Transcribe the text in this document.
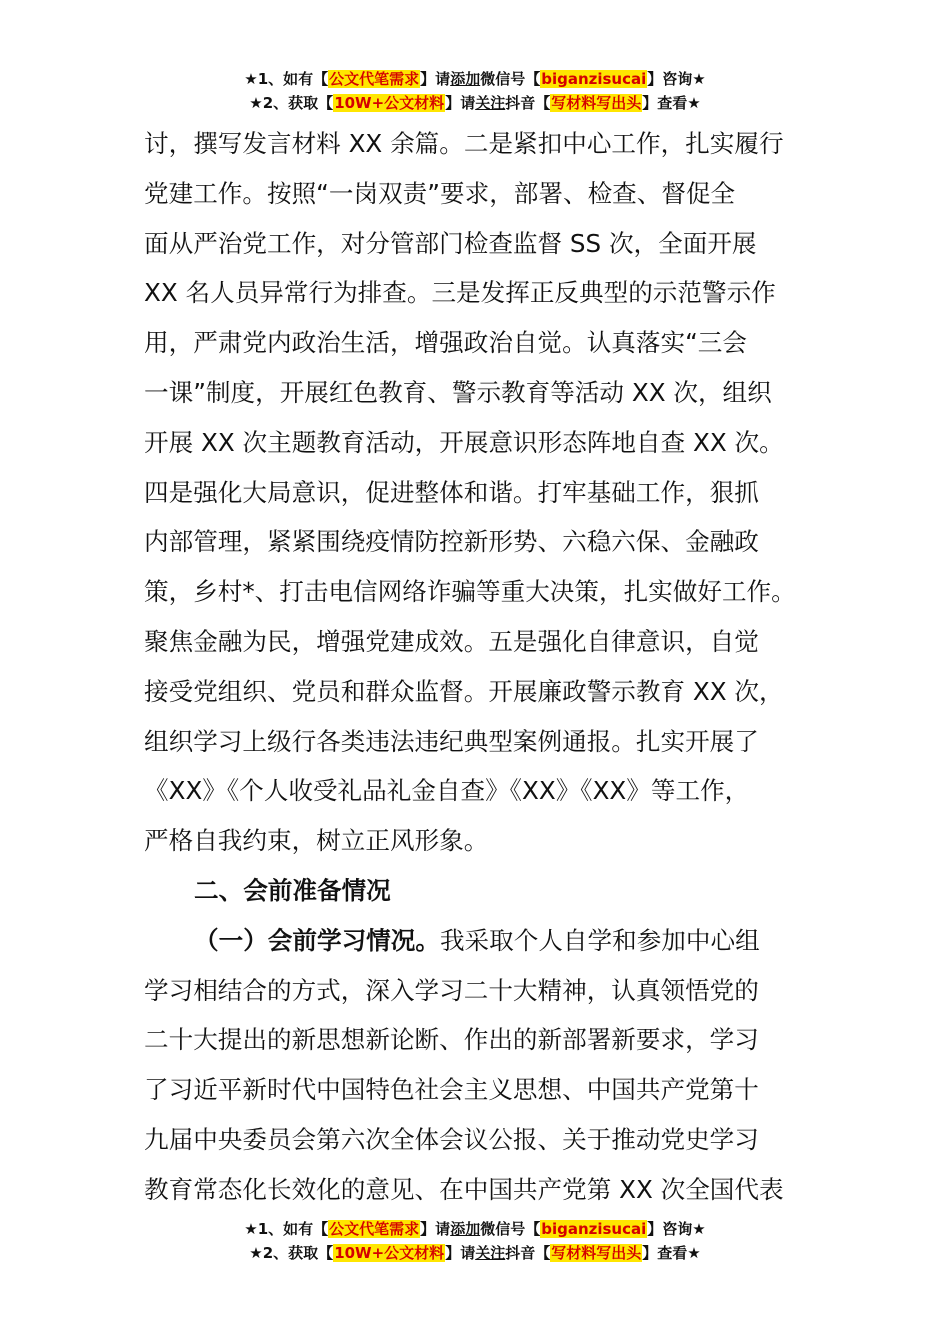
★1、如有【公文代笔需求】请添加微信号【biganzisucai】咨询★
★2、获取【10W+公文材料】请关注抖音【写材料写出头】查看★
讨，撰写发言材料 XX 余篇。二是紧扣中心工作，扎实履行
党建工作。按照“一岗双责”要求，部署、检查、督促全
面从严治党工作，对分管部门检查监督 SS 次，全面开展
XX 名人员异常行为排查。三是发挥正反典型的示范警示作
用，严肃党内政治生活，增强政治自觉。认真落实“三会
一课”制度，开展红色教育、警示教育等活动 XX 次，组织
开展 XX 次主题教育活动，开展意识形态阵地自查 XX 次。
四是强化大局意识，促进整体和谐。打牢基础工作，狠抓
内部管理，紧紧围绕疫情防控新形势、六稳六保、金融政
策，乡村*、打击电信网络诈骗等重大决策，扎实做好工作。
聚焦金融为民，增强党建成效。五是强化自律意识，自觉
接受党组织、党员和群众监督。开展廉政警示教育 XX 次，
组织学习上级行各类违法违纪典型案例通报。扎实开展了
《XX》《个人收受礼品礼金自查》《XX》《XX》等工作，
严格自我约束，树立正风形象。
二、会前准备情况
（一）会前学习情况。我采取个人自学和参加中心组
学习相结合的方式，深入学习二十大精神，认真领悟党的
二十大提出的新思想新论断、作出的新部署新要求，学习
了习近平新时代中国特色社会主义思想、中国共产党第十
九届中央委员会第六次全体会议公报、关于推动党史学习
教育常态化长效化的意见、在中国共产党第 XX 次全国代表
★1、如有【公文代笔需求】请添加微信号【biganzisucai】咨询★
★2、获取【10W+公文材料】请关注抖音【写材料写出头】查看★
